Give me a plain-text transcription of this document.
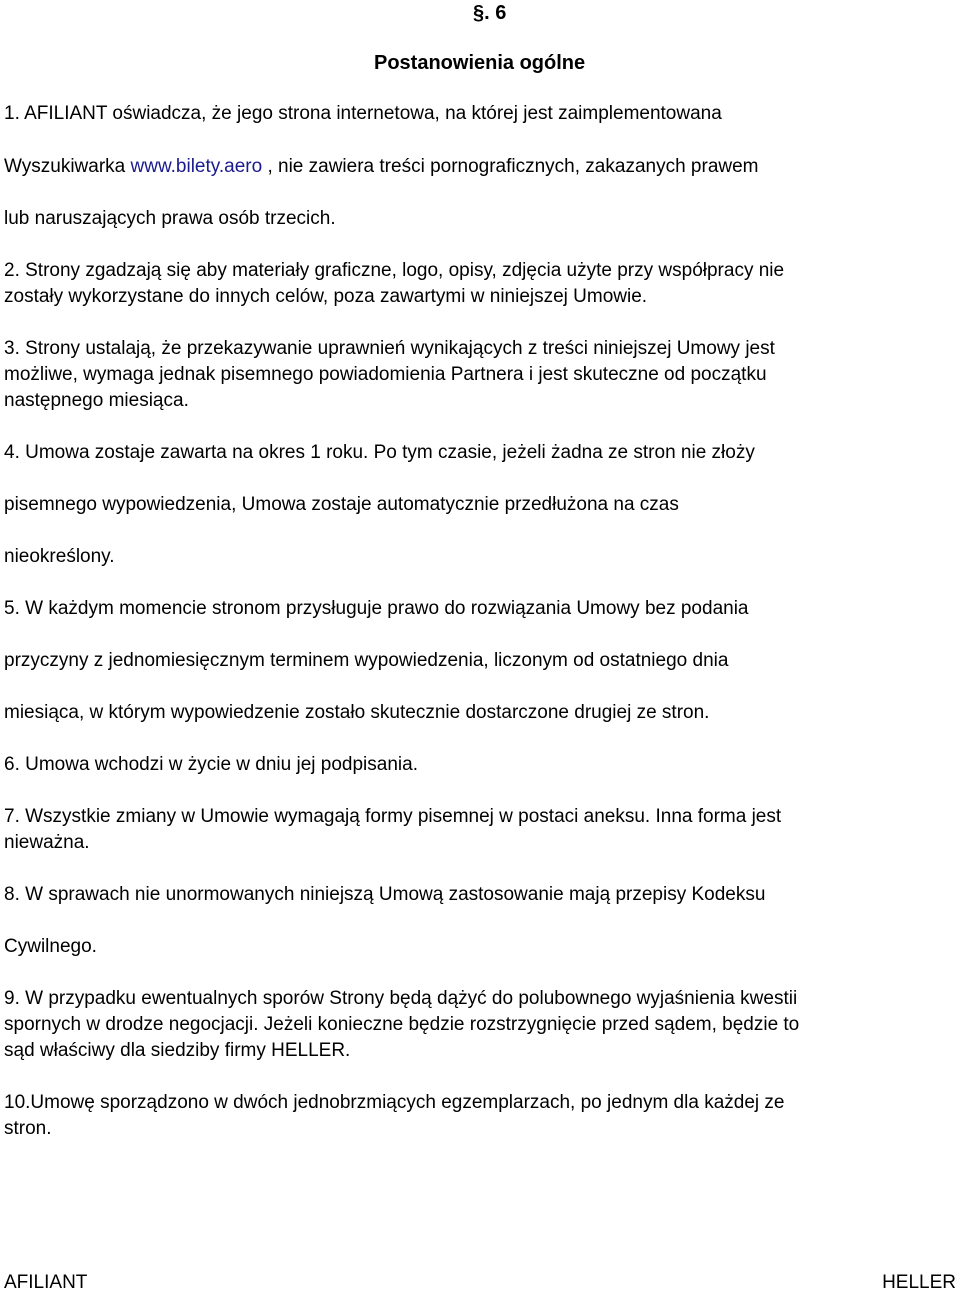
§. 6
Postanowienia ogólne
1. AFILIANT oświadcza, że jego strona internetowa, na której jest zaimplementowana
Wyszukiwarka www.bilety.aero , nie zawiera treści pornograficznych, zakazanych prawem
lub naruszających prawa osób trzecich.
2. Strony zgadzają się aby materiały graficzne, logo, opisy, zdjęcia użyte przy współpracy nie
zostały wykorzystane do innych celów, poza zawartymi w niniejszej Umowie.
3. Strony ustalają, że przekazywanie uprawnień wynikających z treści niniejszej Umowy jest
możliwe, wymaga jednak pisemnego powiadomienia Partnera i jest skuteczne od początku
następnego miesiąca.
4. Umowa zostaje zawarta na okres 1 roku. Po tym czasie, jeżeli żadna ze stron nie złoży
pisemnego wypowiedzenia, Umowa zostaje automatycznie przedłużona na czas
nieokreślony.
5. W każdym momencie stronom przysługuje prawo do rozwiązania Umowy bez podania
przyczyny z jednomiesięcznym terminem wypowiedzenia, liczonym od ostatniego dnia
miesiąca, w którym wypowiedzenie zostało skutecznie dostarczone drugiej ze stron.
6. Umowa wchodzi w życie w dniu jej podpisania.
7. Wszystkie zmiany w Umowie wymagają formy pisemnej w postaci aneksu. Inna forma jest
nieważna.
8. W sprawach nie unormowanych niniejszą Umową zastosowanie mają przepisy Kodeksu
Cywilnego.
9. W przypadku ewentualnych sporów Strony będą dążyć do polubownego wyjaśnienia kwestii
spornych w drodze negocjacji. Jeżeli konieczne będzie rozstrzygnięcie przed sądem, będzie to
sąd właściwy dla siedziby firmy HELLER.
10.Umowę sporządzono w dwóch jednobrzmiących egzemplarzach, po jednym dla każdej ze
stron.
AFILIANT	HELLER
